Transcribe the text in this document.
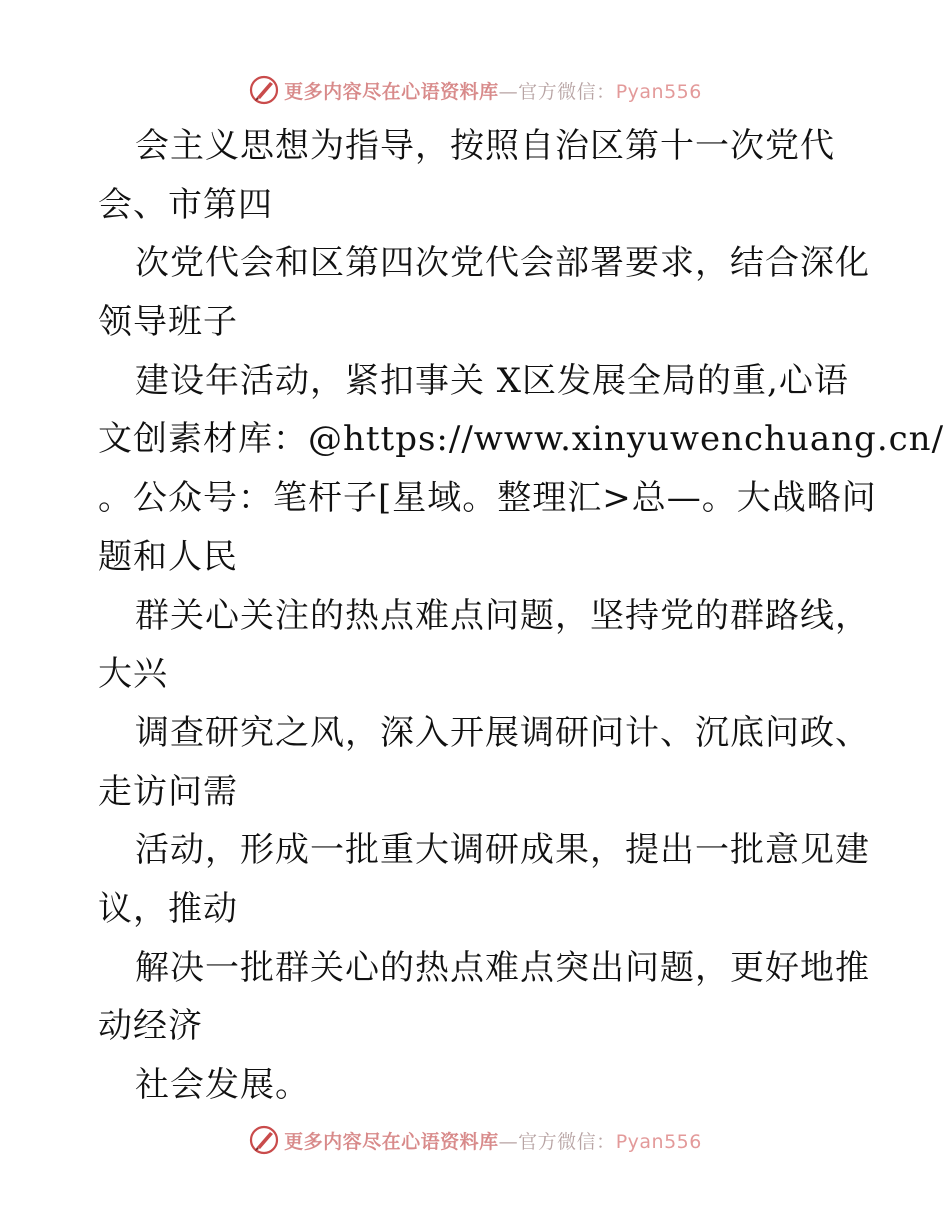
更多内容尽在心语资料库—官方微信：Pyan556
会主义思想为指导，按照自治区第十一次党代
会、市第四
次党代会和区第四次党代会部署要求，结合深化
领导班子
建设年活动，紧扣事关 X区发展全局的重,心语
文创素材库：@https://www.xinyuwenchuang.cn/
。公众号：笔杆子[星域。整理汇>总—。大战略问
题和人民
群关心关注的热点难点问题，坚持党的群路线，
大兴
调查研究之风，深入开展调研问计、沉底问政、
走访问需
活动，形成一批重大调研成果，提出一批意见建
议，推动
解决一批群关心的热点难点突出问题，更好地推
动经济
社会发展。
更多内容尽在心语资料库—官方微信：Pyan556
